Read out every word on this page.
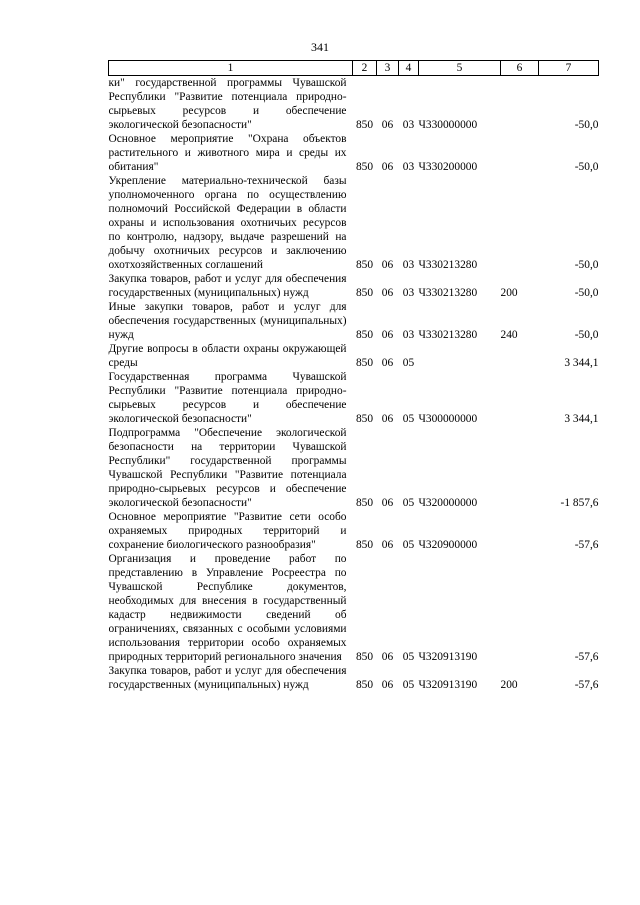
341
1	2	3	4	5	6	7
ки" государственной программы Чувашской Республики "Развитие потенциала природно-сырьевых ресурсов и обеспечение экологической безопасности"	850	06	03	Ч330000000		-50,0
Основное мероприятие "Охрана объектов растительного и животного мира и среды их обитания"	850	06	03	Ч330200000		-50,0
Укрепление материально-технической базы уполномоченного органа по осуществлению полномочий Российской Федерации в области охраны и использования охотничьих ресурсов по контролю, надзору, выдаче разрешений на добычу охотничьих ресурсов и заключению охотхозяйственных соглашений	850	06	03	Ч330213280		-50,0
Закупка товаров, работ и услуг для обеспечения государственных (муниципальных) нужд	850	06	03	Ч330213280	200	-50,0
Иные закупки товаров, работ и услуг для обеспечения государственных (муниципальных) нужд	850	06	03	Ч330213280	240	-50,0
Другие вопросы в области охраны окружающей среды	850	06	05			3 344,1
Государственная программа Чувашской Республики "Развитие потенциала природно-сырьевых ресурсов и обеспечение экологической безопасности"	850	06	05	Ч300000000		3 344,1
Подпрограмма "Обеспечение экологической безопасности на территории Чувашской Республики" государственной программы Чувашской Республики "Развитие потенциала природно-сырьевых ресурсов и обеспечение экологической безопасности"	850	06	05	Ч320000000		-1 857,6
Основное мероприятие "Развитие сети особо охраняемых природных территорий и сохранение биологического разнообразия"	850	06	05	Ч320900000		-57,6
Организация и проведение работ по представлению в Управление Росреестра по Чувашской Республике документов, необходимых для внесения в государственный кадастр недвижимости сведений об ограничениях, связанных с особыми условиями использования территории особо охраняемых природных территорий регионального значения	850	06	05	Ч320913190		-57,6
Закупка товаров, работ и услуг для обеспечения государственных (муниципальных) нужд	850	06	05	Ч320913190	200	-57,6
